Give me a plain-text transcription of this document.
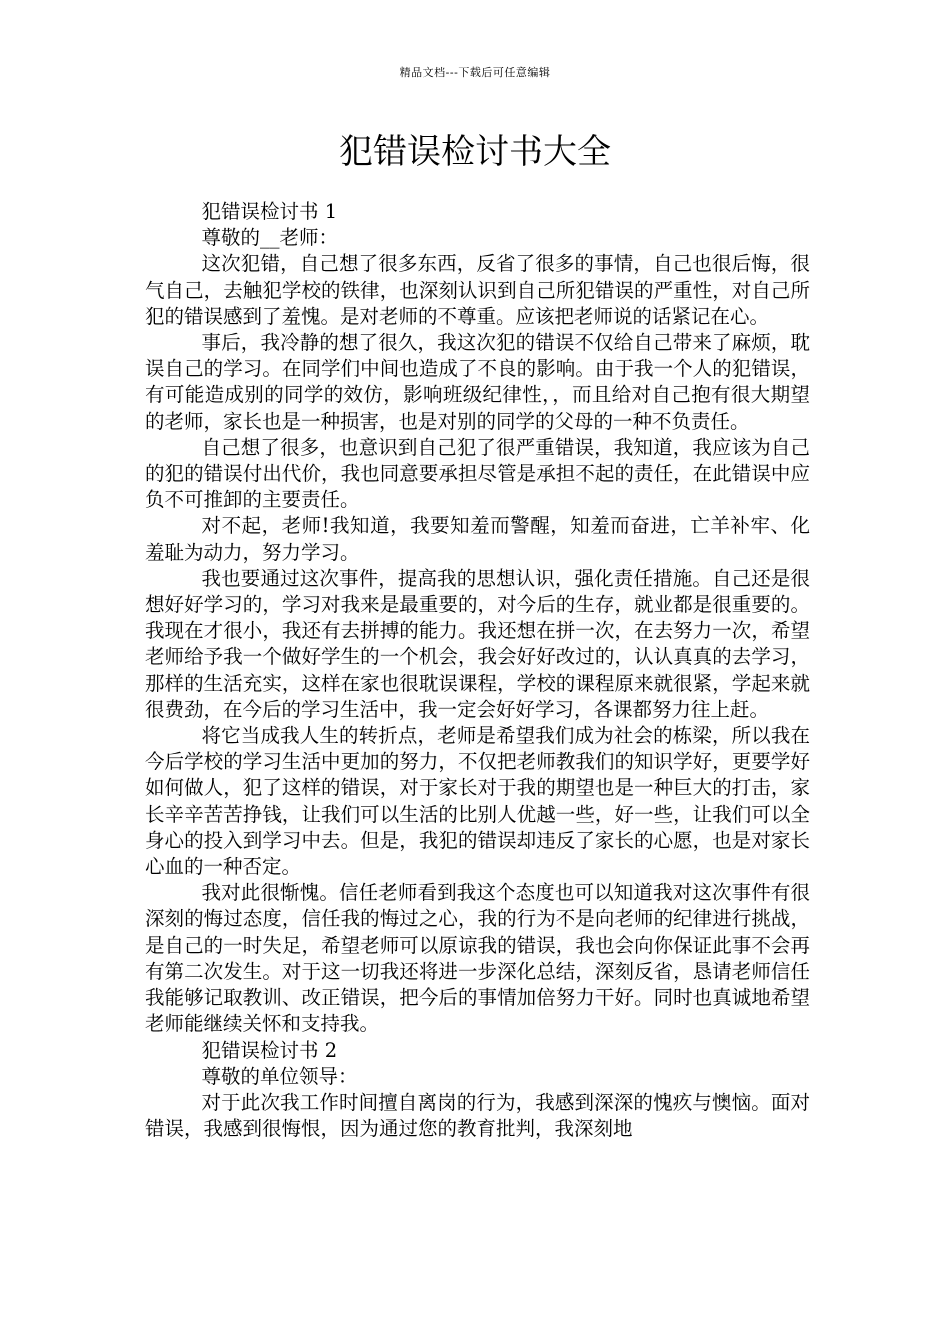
精品文档---下载后可任意编辑
犯错误检讨书大全

犯错误检讨书 1

尊敬的__老师：

这次犯错，自己想了很多东西，反省了很多的事情，自己也很后悔，很气自己，去触犯学校的铁律，也深刻认识到自己所犯错误的严重性，对自己所犯的错误感到了羞愧。是对老师的不尊重。应该把老师说的话紧记在心。

事后，我冷静的想了很久，我这次犯的错误不仅给自己带来了麻烦，耽误自己的学习。在同学们中间也造成了不良的影响。由于我一个人的犯错误，有可能造成别的同学的效仿，影响班级纪律性，，而且给对自己抱有很大期望的老师，家长也是一种损害，也是对别的同学的父母的一种不负责任。

自己想了很多，也意识到自己犯了很严重错误，我知道，我应该为自己的犯的错误付出代价，我也同意要承担尽管是承担不起的责任，在此错误中应负不可推卸的主要责任。

对不起，老师!我知道，我要知羞而警醒，知羞而奋进，亡羊补牢、化羞耻为动力，努力学习。

我也要通过这次事件，提高我的思想认识，强化责任措施。自己还是很想好好学习的，学习对我来是最重要的，对今后的生存，就业都是很重要的。我现在才很小，我还有去拼搏的能力。我还想在拼一次，在去努力一次，希望老师给予我一个做好学生的一个机会，我会好好改过的，认认真真的去学习，那样的生活充实，这样在家也很耽误课程，学校的课程原来就很紧，学起来就很费劲，在今后的学习生活中，我一定会好好学习，各课都努力往上赶。

将它当成我人生的转折点，老师是希望我们成为社会的栋梁，所以我在今后学校的学习生活中更加的努力，不仅把老师教我们的知识学好，更要学好如何做人，犯了这样的错误，对于家长对于我的期望也是一种巨大的打击，家长辛辛苦苦挣钱，让我们可以生活的比别人优越一些，好一些，让我们可以全身心的投入到学习中去。但是，我犯的错误却违反了家长的心愿，也是对家长心血的一种否定。

我对此很惭愧。信任老师看到我这个态度也可以知道我对这次事件有很深刻的悔过态度，信任我的悔过之心，我的行为不是向老师的纪律进行挑战，是自己的一时失足，希望老师可以原谅我的错误，我也会向你保证此事不会再有第二次发生。对于这一切我还将进一步深化总结，深刻反省，恳请老师信任我能够记取教训、改正错误，把今后的事情加倍努力干好。同时也真诚地希望老师能继续关怀和支持我。

犯错误检讨书 2

尊敬的单位领导：

对于此次我工作时间擅自离岗的行为，我感到深深的愧疚与懊恼。面对错误，我感到很悔恨，因为通过您的教育批判，我深刻地
